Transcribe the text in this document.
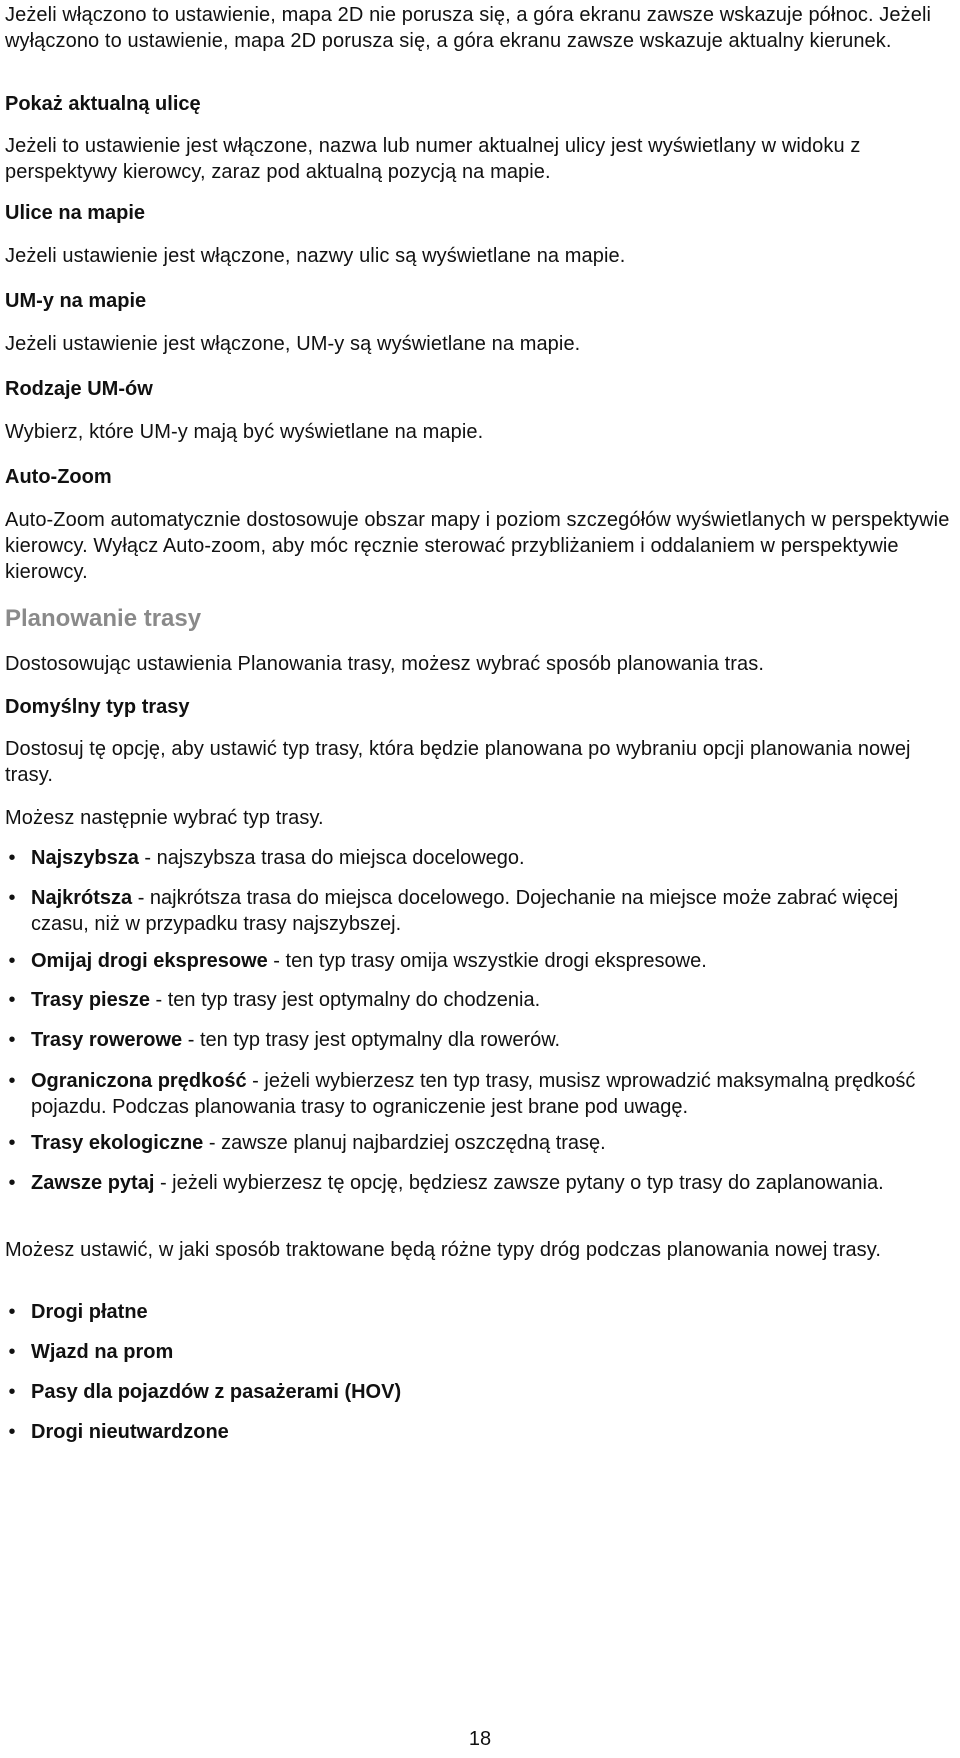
Jeżeli włączono to ustawienie, mapa 2D nie porusza się, a góra ekranu zawsze wskazuje północ. Jeżeli wyłączono to ustawienie, mapa 2D porusza się, a góra ekranu zawsze wskazuje aktualny kierunek.

Pokaż aktualną ulicę

Jeżeli to ustawienie jest włączone, nazwa lub numer aktualnej ulicy jest wyświetlany w widoku z perspektywy kierowcy, zaraz pod aktualną pozycją na mapie.

Ulice na mapie

Jeżeli ustawienie jest włączone, nazwy ulic są wyświetlane na mapie.

UM-y na mapie

Jeżeli ustawienie jest włączone, UM-y są wyświetlane na mapie.

Rodzaje UM-ów

Wybierz, które UM-y mają być wyświetlane na mapie.

Auto-Zoom

Auto-Zoom automatycznie dostosowuje obszar mapy i poziom szczegółów wyświetlanych w perspektywie kierowcy. Wyłącz Auto-zoom, aby móc ręcznie sterować przybliżaniem i oddalaniem w perspektywie kierowcy.

Planowanie trasy

Dostosowując ustawienia Planowania trasy, możesz wybrać sposób planowania tras.

Domyślny typ trasy

Dostosuj tę opcję, aby ustawić typ trasy, która będzie planowana po wybraniu opcji planowania nowej trasy.

Możesz następnie wybrać typ trasy.

• Najszybsza - najszybsza trasa do miejsca docelowego.
• Najkrótsza - najkrótsza trasa do miejsca docelowego. Dojechanie na miejsce może zabrać więcej czasu, niż w przypadku trasy najszybszej.
• Omijaj drogi ekspresowe - ten typ trasy omija wszystkie drogi ekspresowe.
• Trasy piesze - ten typ trasy jest optymalny do chodzenia.
• Trasy rowerowe - ten typ trasy jest optymalny dla rowerów.
• Ograniczona prędkość - jeżeli wybierzesz ten typ trasy, musisz wprowadzić maksymalną prędkość pojazdu. Podczas planowania trasy to ograniczenie jest brane pod uwagę.
• Trasy ekologiczne - zawsze planuj najbardziej oszczędną trasę.
• Zawsze pytaj - jeżeli wybierzesz tę opcję, będziesz zawsze pytany o typ trasy do zaplanowania.

Możesz ustawić, w jaki sposób traktowane będą różne typy dróg podczas planowania nowej trasy.

• Drogi płatne
• Wjazd na prom
• Pasy dla pojazdów z pasażerami (HOV)
• Drogi nieutwardzone
18
